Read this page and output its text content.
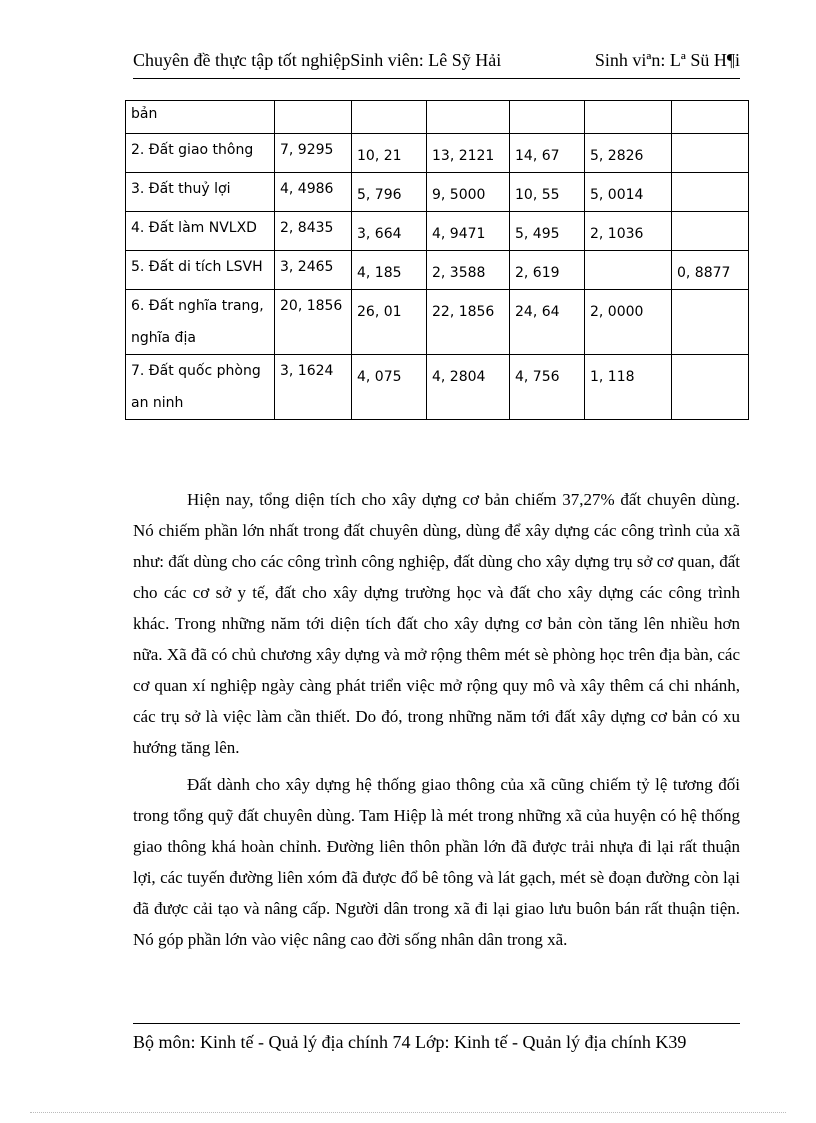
Chuyên đề thực tập tốt nghiệpSinh viên: Lê Sỹ Hải	Sinh viªn: Lª Sü H¶i
bản						
2. Đất giao thông	7, 9295	10, 21	13, 2121	14, 67	5, 2826	
3. Đất thuỷ lợi	4, 4986	5, 796	9, 5000	10, 55	5, 0014	
4. Đất làm NVLXD	2, 8435	3, 664	4, 9471	5, 495	2, 1036	
5. Đất di tích LSVH	3, 2465	4, 185	2, 3588	2, 619		0, 8877
6. Đất nghĩa trang, nghĩa địa	20, 1856	26, 01	22, 1856	24, 64	2, 0000	
7. Đất quốc phòng an ninh	3, 1624	4, 075	4, 2804	4, 756	1, 118	

Hiện nay, tổng diện tích cho xây dựng cơ bản chiếm 37,27% đất chuyên dùng. Nó chiếm phần lớn nhất trong đất chuyên dùng, dùng để xây dựng các công trình của xã như: đất dùng cho các công trình công nghiệp, đất dùng cho xây dựng trụ sở cơ quan, đất cho các cơ sở y tế, đất cho xây dựng trường học và đất cho xây dựng các công trình khác. Trong những năm tới diện tích đất cho xây dựng cơ bản còn tăng lên nhiều hơn nữa. Xã đã có chủ chương xây dựng và mở rộng thêm mét sè phòng học trên địa bàn, các cơ quan xí nghiệp ngày càng phát triển việc mở rộng quy mô và xây thêm cá chi nhánh, các trụ sở là việc làm cần thiết. Do đó, trong những năm tới đất xây dựng cơ bản có xu hướng tăng lên.

Đất dành cho xây dựng hệ thống giao thông của xã cũng chiếm tỷ lệ tương đối trong tổng quỹ đất chuyên dùng. Tam Hiệp là mét trong những xã của huyện có hệ thống giao thông khá hoàn chỉnh. Đường liên thôn phần lớn đã được trải nhựa đi lại rất thuận lợi, các tuyến đường liên xóm đã được đổ bê tông và lát gạch, mét sè đoạn đường còn lại đã được cải tạo và nâng cấp. Người dân trong xã đi lại giao lưu buôn bán rất thuận tiện. Nó góp phần lớn vào việc nâng cao đời sống nhân dân trong xã.

Bộ môn: Kinh tế - Quả lý địa chính 74 Lớp: Kinh tế - Quản lý địa chính K39
